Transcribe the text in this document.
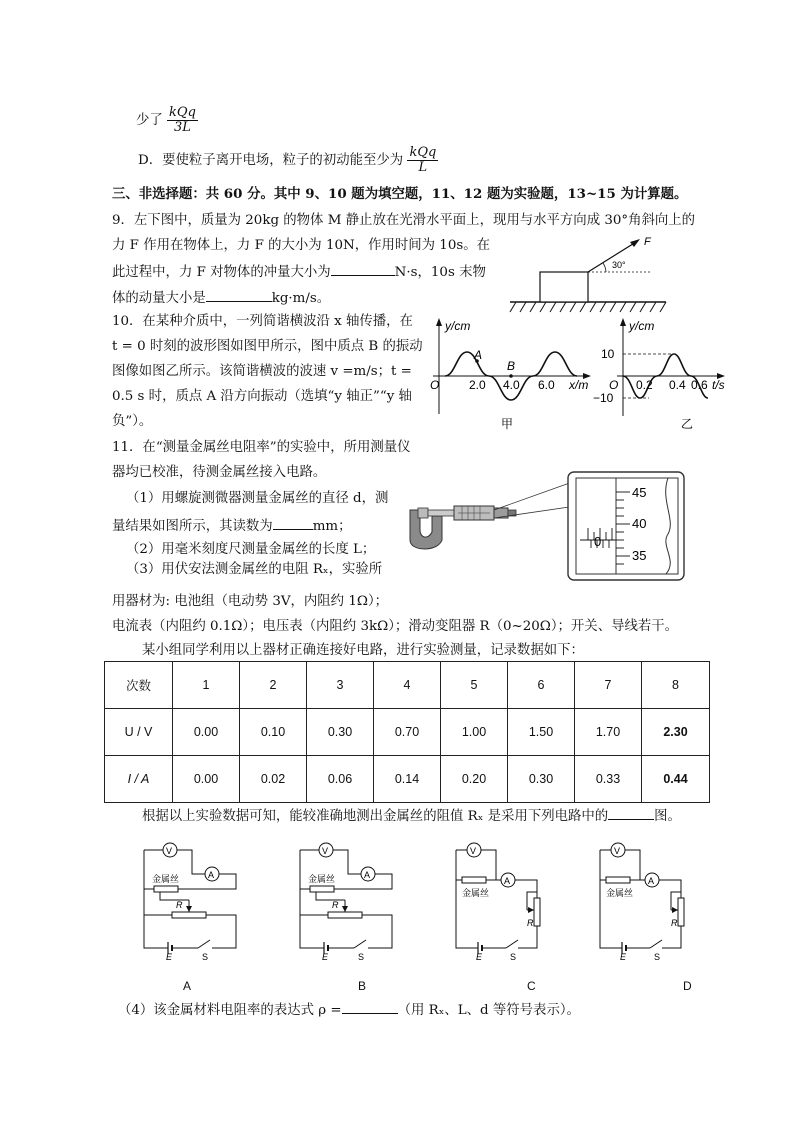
少了 $\frac{\text{kQq}}{3L}$
D．要使粒子离开电场，粒子的初动能至少为 $\frac{\text{kQq}}{L}$
三、非选择题：共 60 分。其中 9、10 题为填空题，11、12 题为实验题，13~15 为计算题。
9．左下图中，质量为 20kg 的物体 M 静止放在光滑水平面上，现用与水平方向成 30°角斜向上的
力 F 作用在物体上，力 F 的大小为 10N，作用时间为 10s。在
此过程中，力 F 对物体的冲量大小为	N·s，10s 末物
体的动量大小是	kg·m/s。
F
30°
10．在某种介质中，一列简谐横波沿 x 轴传播，在
t = 0 时刻的波形图如图甲所示，图中质点 B 的振动
图像如图乙所示。该简谐横波的波速 v =m/s；t =
0.5 s 时，质点 A 沿方向振动（选填“y 轴正”“y 轴
负”）。
y/cm
O
A
B
2.0 4.0 6.0 x/m
甲
y/cm
10
−10
O 0.2 0.4 0.6 t/s
乙
11．在“测量金属丝电阻率”的实验中，所用测量仪
器均已校准，待测金属丝接入电路。
（1）用螺旋测微器测量金属丝的直径 d，测
量结果如图所示，其读数为	mm；
（2）用毫米刻度尺测量金属丝的长度 L；
（3）用伏安法测金属丝的电阻 Rₓ，实验所
0
45
40
35
用器材为: 电池组（电动势 3V，内阻约 1Ω）；
电流表（内阻约 0.1Ω）；电压表（内阻约 3kΩ）；滑动变阻器 R（0~20Ω）；开关、导线若干。
某小组同学利用以上器材正确连接好电路，进行实验测量，记录数据如下：
次数	1	2	3	4	5	6	7	8
U / V	0.00	0.10	0.30	0.70	1.00	1.50	1.70	2.30
I / A	0.00	0.02	0.06	0.14	0.20	0.30	0.33	0.44
根据以上实验数据可知，能较准确地测出金属丝的阻值 Rₓ 是采用下列电路中的	图。
V
A
金属丝
R
E	S
A
V
A
金属丝
R
E	S
B
V
A
金属丝
R
E	S
C
V
A
金属丝
R
E	S
D
（4）该金属材料电阻率的表达式 ρ =	（用 Rₓ、L、d 等符号表示）。
